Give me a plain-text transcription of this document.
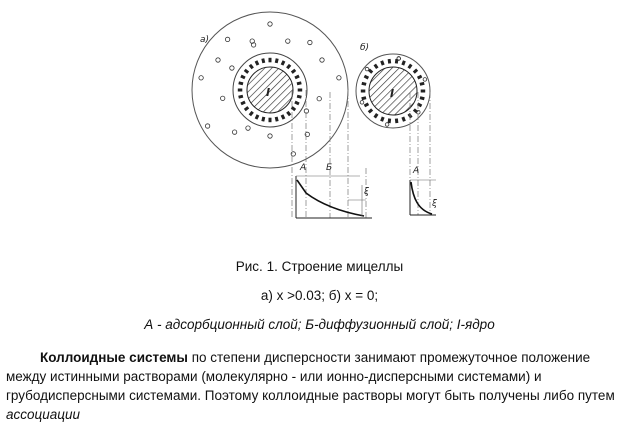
А Б
ξ
А
ξ
а)
б)
I	I
Рис. 1. Строение мицеллы
а) x >0.03; б) x = 0;
А - адсорбционный слой; Б-диффузионный слой; I-ядро
Коллоидные системы по степени дисперсности занимают промежуточное положение между истинными растворами (молекулярно - или ионно-дисперсными системами) и грубодисперсными системами. Поэтому коллоидные растворы могут быть получены либо путем ассоциации
